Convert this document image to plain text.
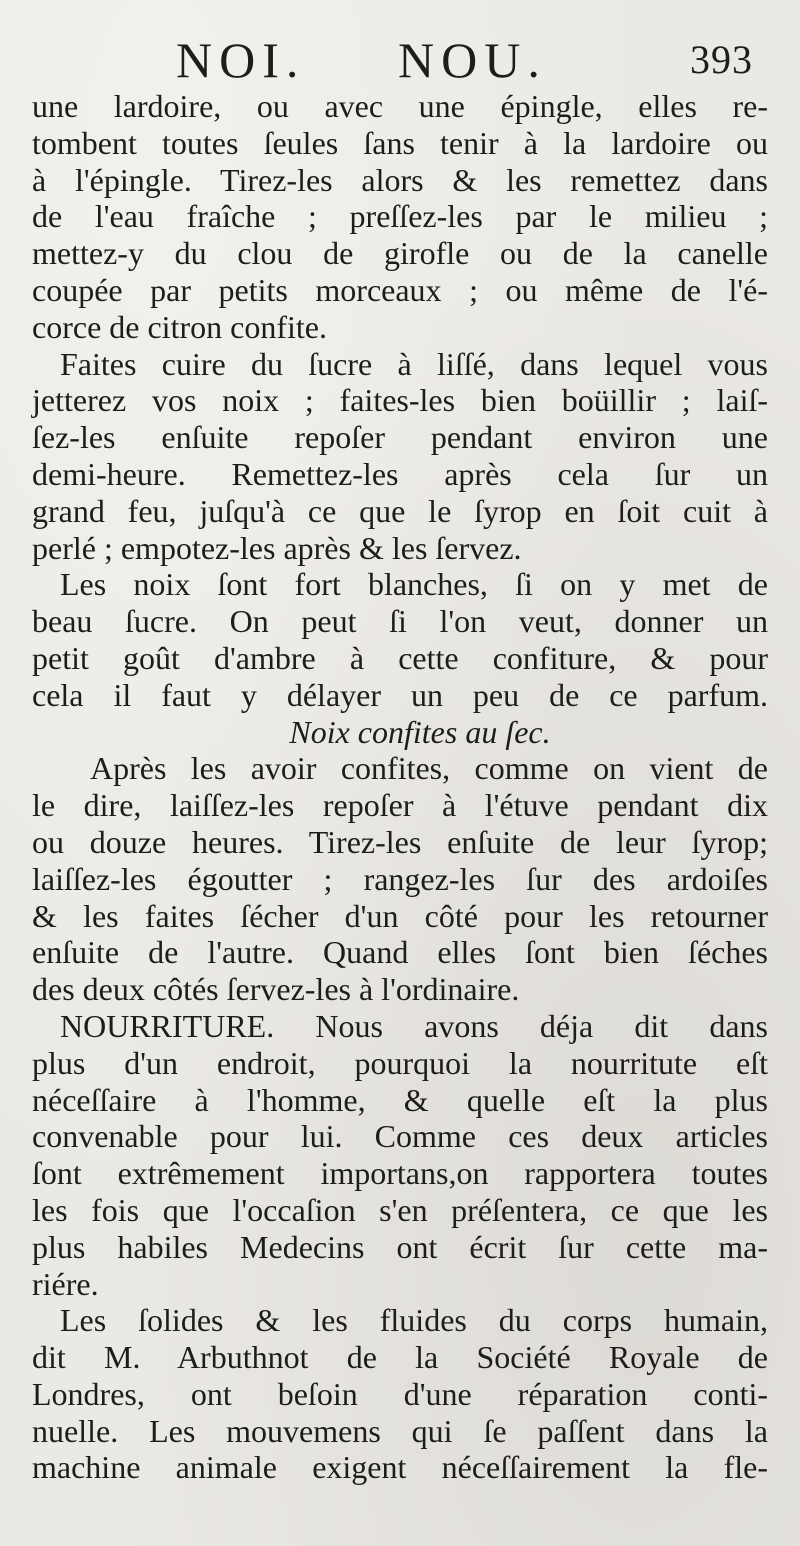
NOI. NOU.	393
une lardoire, ou avec une épingle, elles re-
tombent toutes ſeules ſans tenir à la lardoire ou
à l'épingle. Tirez-les alors & les remettez dans
de l'eau fraîche ; preſſez-les par le milieu ;
mettez-y du clou de girofle ou de la canelle
coupée par petits morceaux ; ou même de l'é-
corce de citron confite.
Faites cuire du ſucre à liſſé, dans lequel vous
jetterez vos noix ; faites-les bien boüillir ; laiſ-
ſez-les enſuite repoſer pendant environ une
demi-heure. Remettez-les après cela ſur un
grand feu, juſqu'à ce que le ſyrop en ſoit cuit à
perlé ; empotez-les après & les ſervez.
Les noix ſont fort blanches, ſi on y met de
beau ſucre. On peut ſi l'on veut, donner un
petit goût d'ambre à cette confiture, & pour
cela il faut y délayer un peu de ce parfum.
Noix confites au ſec.
Après les avoir confites, comme on vient de
le dire, laiſſez-les repoſer à l'étuve pendant dix
ou douze heures. Tirez-les enſuite de leur ſyrop;
laiſſez-les égoutter ; rangez-les ſur des ardoiſes
& les faites ſécher d'un côté pour les retourner
enſuite de l'autre. Quand elles ſont bien ſéches
des deux côtés ſervez-les à l'ordinaire.
NOURRITURE. Nous avons déja dit dans
plus d'un endroit, pourquoi la nourritute eſt
néceſſaire à l'homme, & quelle eſt la plus
convenable pour lui. Comme ces deux articles
ſont extrêmement importans,on rapportera toutes
les fois que l'occaſion s'en préſentera, ce que les
plus habiles Medecins ont écrit ſur cette ma-
riére.
Les ſolides & les fluides du corps humain,
dit M. Arbuthnot de la Société Royale de
Londres, ont beſoin d'une réparation conti-
nuelle. Les mouvemens qui ſe paſſent dans la
machine animale exigent néceſſairement la fle-
